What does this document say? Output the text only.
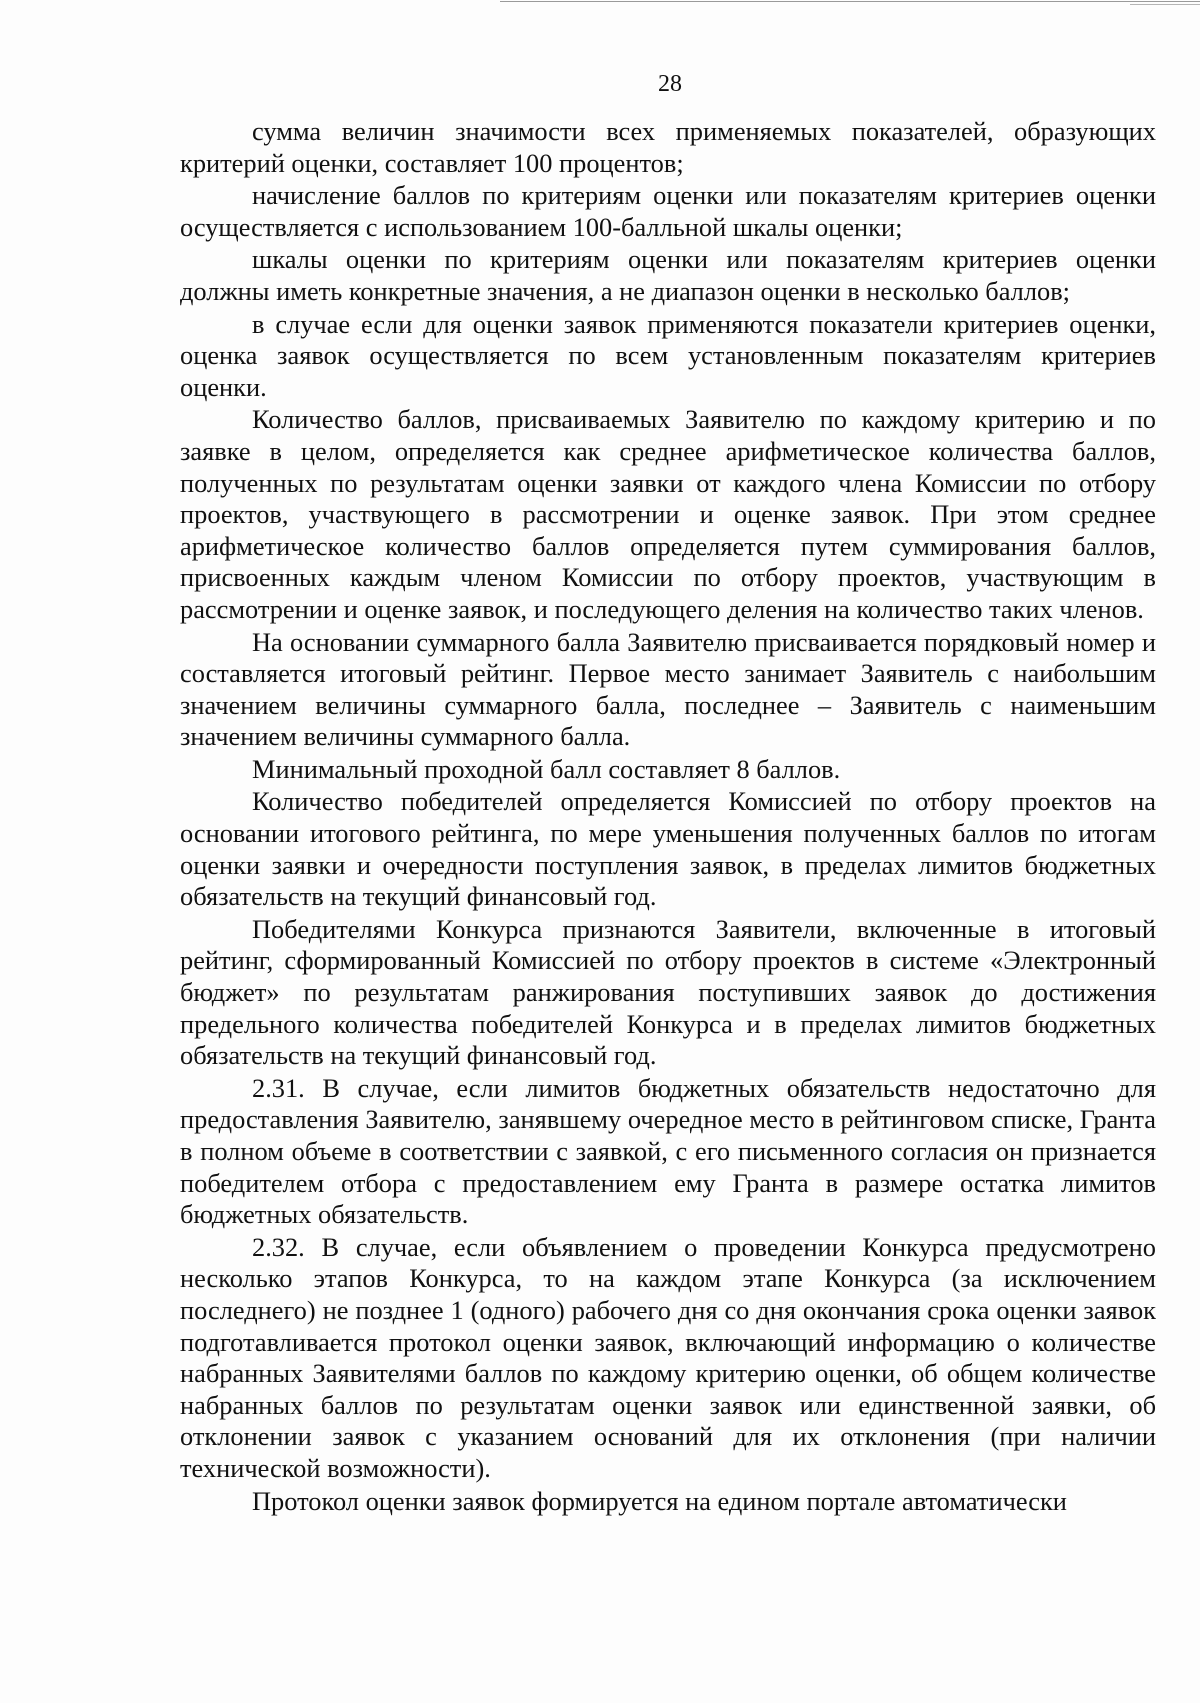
28

сумма величин значимости всех применяемых показателей, образующих критерий оценки, составляет 100 процентов;

начисление баллов по критериям оценки или показателям критериев оценки осуществляется с использованием 100-балльной шкалы оценки;

шкалы оценки по критериям оценки или показателям критериев оценки должны иметь конкретные значения, а не диапазон оценки в несколько баллов;

в случае если для оценки заявок применяются показатели критериев оценки, оценка заявок осуществляется по всем установленным показателям критериев оценки.

Количество баллов, присваиваемых Заявителю по каждому критерию и по заявке в целом, определяется как среднее арифметическое количества баллов, полученных по результатам оценки заявки от каждого члена Комиссии по отбору проектов, участвующего в рассмотрении и оценке заявок. При этом среднее арифметическое количество баллов определяется путем суммирования баллов, присвоенных каждым членом Комиссии по отбору проектов, участвующим в рассмотрении и оценке заявок, и последующего деления на количество таких членов.

На основании суммарного балла Заявителю присваивается порядковый номер и составляется итоговый рейтинг. Первое место занимает Заявитель с наибольшим значением величины суммарного балла, последнее – Заявитель с наименьшим значением величины суммарного балла.

Минимальный проходной балл составляет 8 баллов.

Количество победителей определяется Комиссией по отбору проектов на основании итогового рейтинга, по мере уменьшения полученных баллов по итогам оценки заявки и очередности поступления заявок, в пределах лимитов бюджетных обязательств на текущий финансовый год.

Победителями Конкурса признаются Заявители, включенные в итоговый рейтинг, сформированный Комиссией по отбору проектов в системе «Электронный бюджет» по результатам ранжирования поступивших заявок до достижения предельного количества победителей Конкурса и в пределах лимитов бюджетных обязательств на текущий финансовый год.

2.31. В случае, если лимитов бюджетных обязательств недостаточно для предоставления Заявителю, занявшему очередное место в рейтинговом списке, Гранта в полном объеме в соответствии с заявкой, с его письменного согласия он признается победителем отбора с предоставлением ему Гранта в размере остатка лимитов бюджетных обязательств.

2.32. В случае, если объявлением о проведении Конкурса предусмотрено несколько этапов Конкурса, то на каждом этапе Конкурса (за исключением последнего) не позднее 1 (одного) рабочего дня со дня окончания срока оценки заявок подготавливается протокол оценки заявок, включающий информацию о количестве набранных Заявителями баллов по каждому критерию оценки, об общем количестве набранных баллов по результатам оценки заявок или единственной заявки, об отклонении заявок с указанием оснований для их отклонения (при наличии технической возможности).

Протокол оценки заявок формируется на едином портале автоматически
